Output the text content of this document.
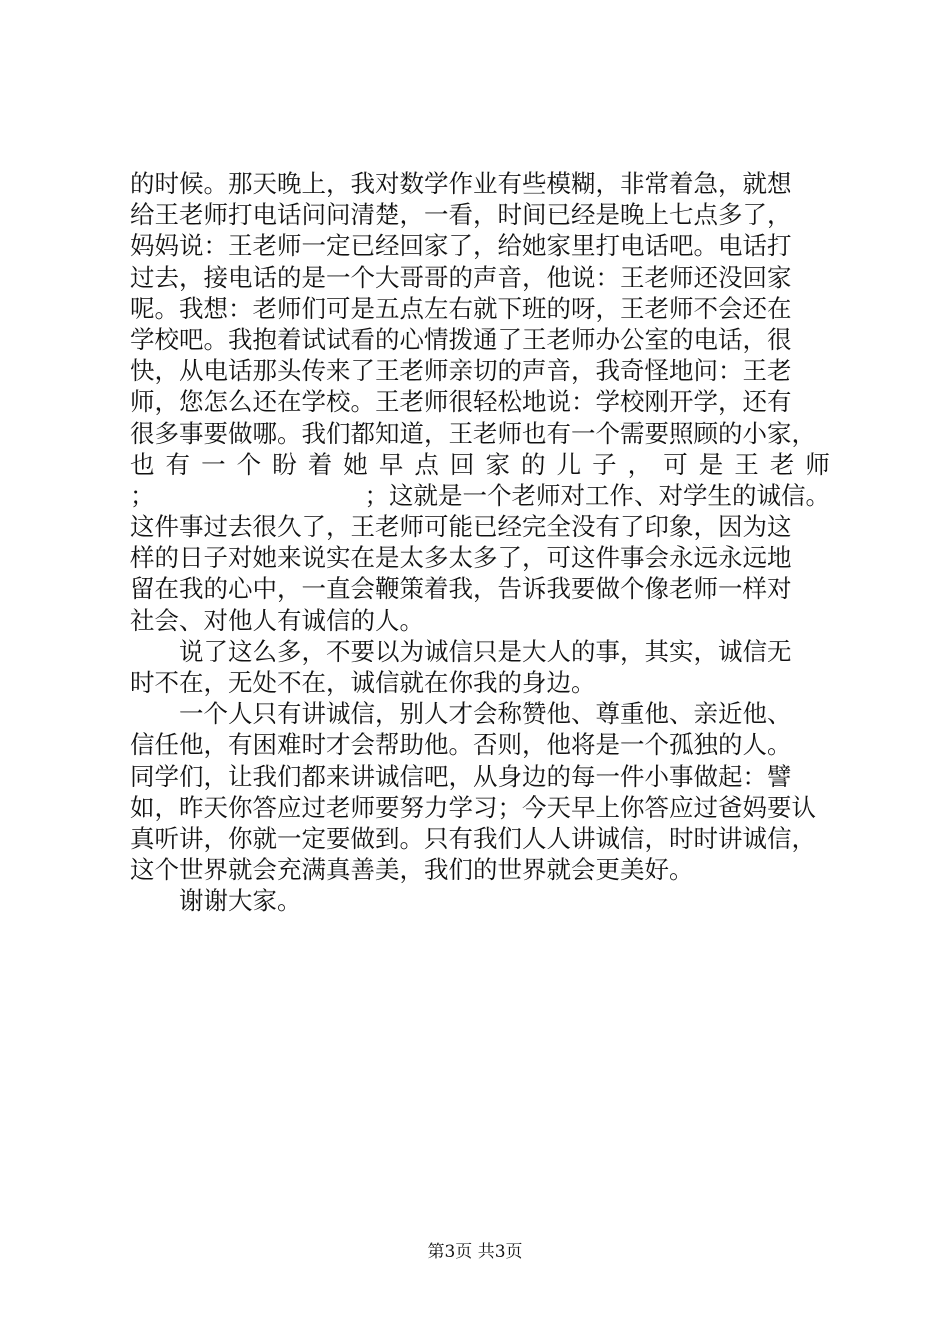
的时候。那天晚上，我对数学作业有些模糊，非常着急，就想
给王老师打电话问问清楚，一看，时间已经是晚上七点多了，
妈妈说：王老师一定已经回家了，给她家里打电话吧。电话打
过去，接电话的是一个大哥哥的声音，他说：王老师还没回家
呢。我想：老师们可是五点左右就下班的呀，王老师不会还在
学校吧。我抱着试试看的心情拨通了王老师办公室的电话，很
快，从电话那头传来了王老师亲切的声音，我奇怪地问：王老
师，您怎么还在学校。王老师很轻松地说：学校刚开学，还有
很多事要做哪。我们都知道，王老师也有一个需要照顾的小家，
也 有 一 个 盼 着 她 早 点 回 家 的 儿 子 ， 可 是 王 老 师
；	；这就是一个老师对工作、对学生的诚信。
这件事过去很久了，王老师可能已经完全没有了印象，因为这
样的日子对她来说实在是太多太多了，可这件事会永远永远地
留在我的心中，一直会鞭策着我，告诉我要做个像老师一样对
社会、对他人有诚信的人。
　　说了这么多，不要以为诚信只是大人的事，其实，诚信无
时不在，无处不在，诚信就在你我的身边。
　　一个人只有讲诚信，别人才会称赞他、尊重他、亲近他、
信任他，有困难时才会帮助他。否则，他将是一个孤独的人。
同学们，让我们都来讲诚信吧，从身边的每一件小事做起：譬
如，昨天你答应过老师要努力学习；今天早上你答应过爸妈要认
真听讲，你就一定要做到。只有我们人人讲诚信，时时讲诚信，
这个世界就会充满真善美，我们的世界就会更美好。
　　谢谢大家。
第3页 共3页
